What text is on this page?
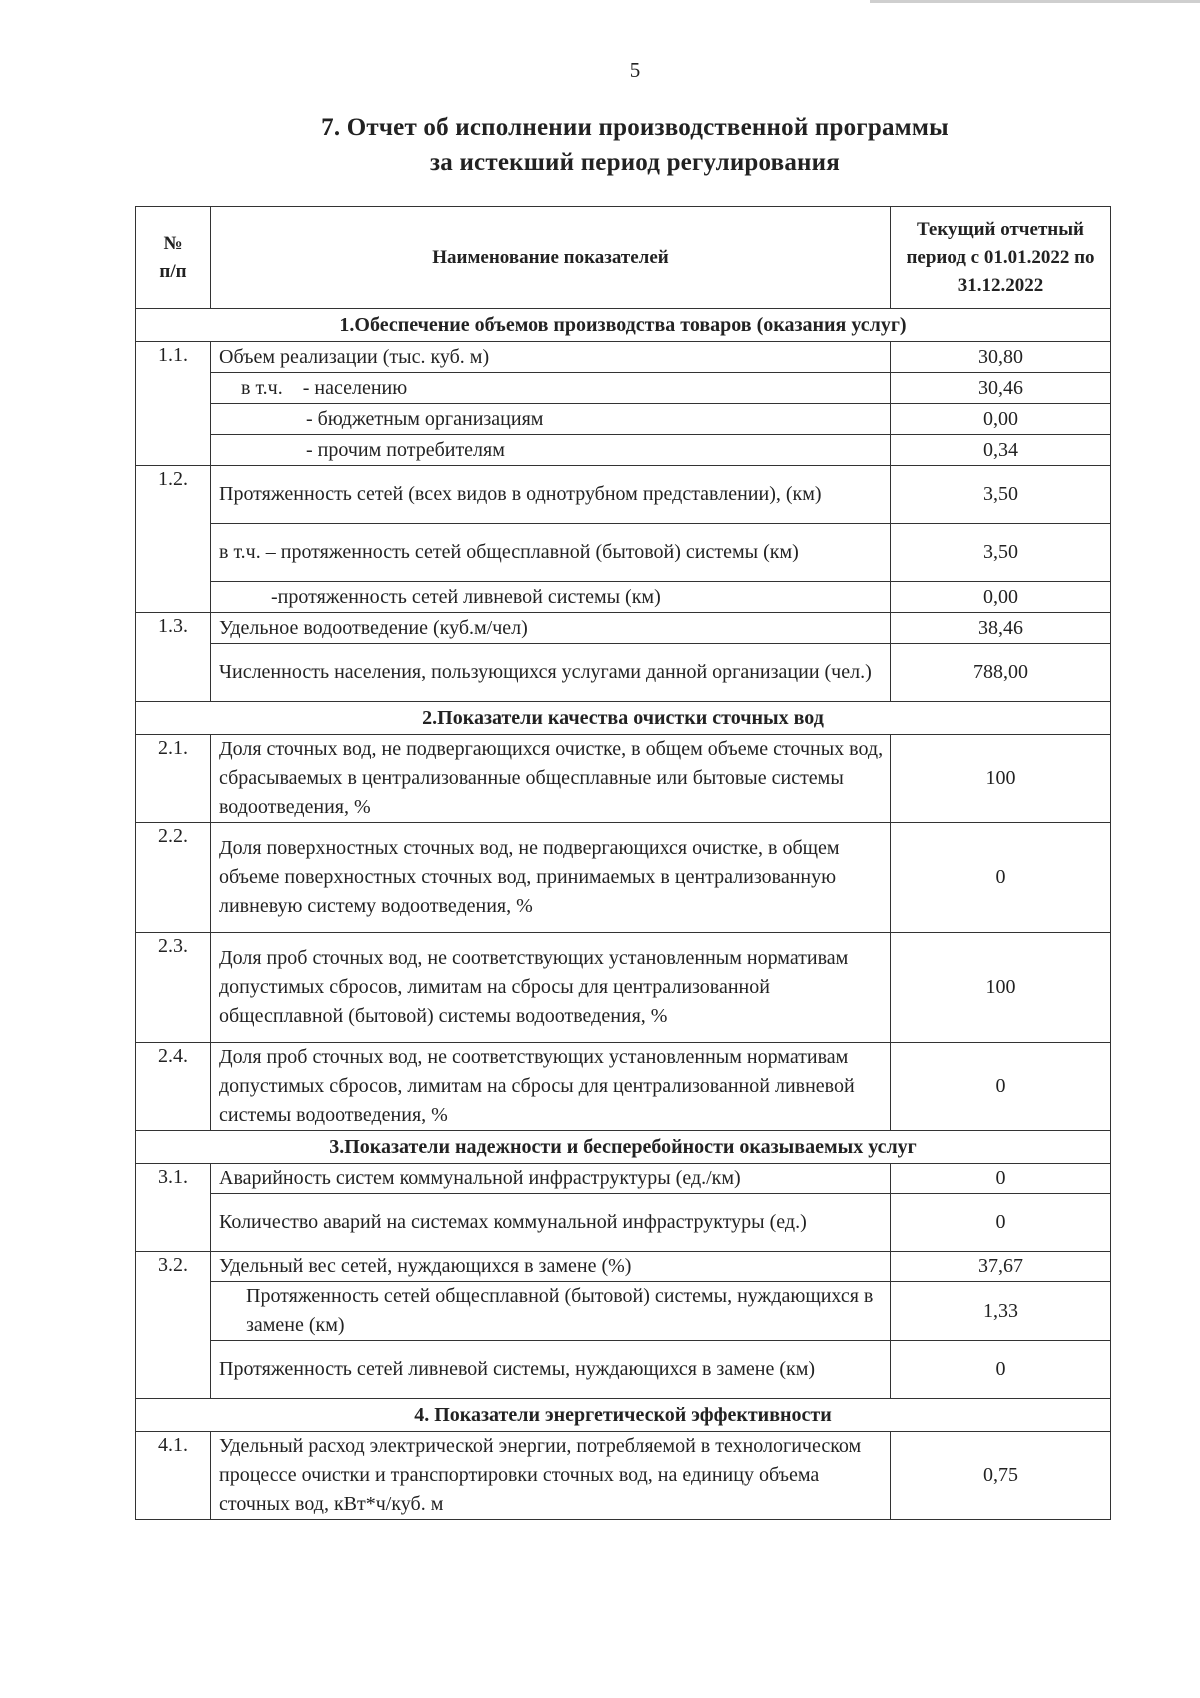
5
7. Отчет об исполнении производственной программы
за истекший период регулирования
№ п/п	Наименование показателей	Текущий отчетный период с 01.01.2022 по 31.12.2022
1.Обеспечение объемов производства товаров (оказания услуг)		
1.1.	Объем реализации (тыс. куб. м)	30,80
	в т.ч.    - населению	30,46
	- бюджетным организациям	0,00
	- прочим потребителям	0,34
1.2.	Протяженность сетей (всех видов в однотрубном представлении), (км)	3,50
	в т.ч. – протяженность сетей общесплавной (бытовой) системы (км)	3,50
	-протяженность сетей ливневой системы (км)	0,00
1.3.	Удельное водоотведение (куб.м/чел)	38,46
	Численность населения, пользующихся услугами данной организации (чел.)	788,00
2.Показатели качества очистки сточных вод		
2.1.	Доля сточных вод, не подвергающихся очистке, в общем объеме сточных вод, сбрасываемых в централизованные общесплавные или бытовые системы водоотведения, %	100
2.2.	Доля поверхностных сточных вод, не подвергающихся очистке, в общем объеме поверхностных сточных вод, принимаемых в централизованную ливневую систему водоотведения, %	0
2.3.	Доля проб сточных вод, не соответствующих установленным нормативам допустимых сбросов, лимитам на сбросы для централизованной общесплавной (бытовой) системы водоотведения, %	100
2.4.	Доля проб сточных вод, не соответствующих установленным нормативам допустимых сбросов, лимитам на сбросы для централизованной ливневой системы водоотведения, %	0
3.Показатели надежности и бесперебойности оказываемых услуг		
3.1.	Аварийность систем коммунальной инфраструктуры (ед./км)	0
	Количество аварий на системах коммунальной инфраструктуры (ед.)	0
3.2.	Удельный вес сетей, нуждающихся в замене (%)	37,67
	Протяженность сетей общесплавной (бытовой) системы, нуждающихся в замене (км)	1,33
	Протяженность сетей ливневой системы, нуждающихся в замене (км)	0
4. Показатели энергетической эффективности		
4.1.	Удельный расход электрической энергии, потребляемой в технологическом процессе очистки и транспортировки сточных вод, на единицу объема сточных вод, кВт*ч/куб. м	0,75
